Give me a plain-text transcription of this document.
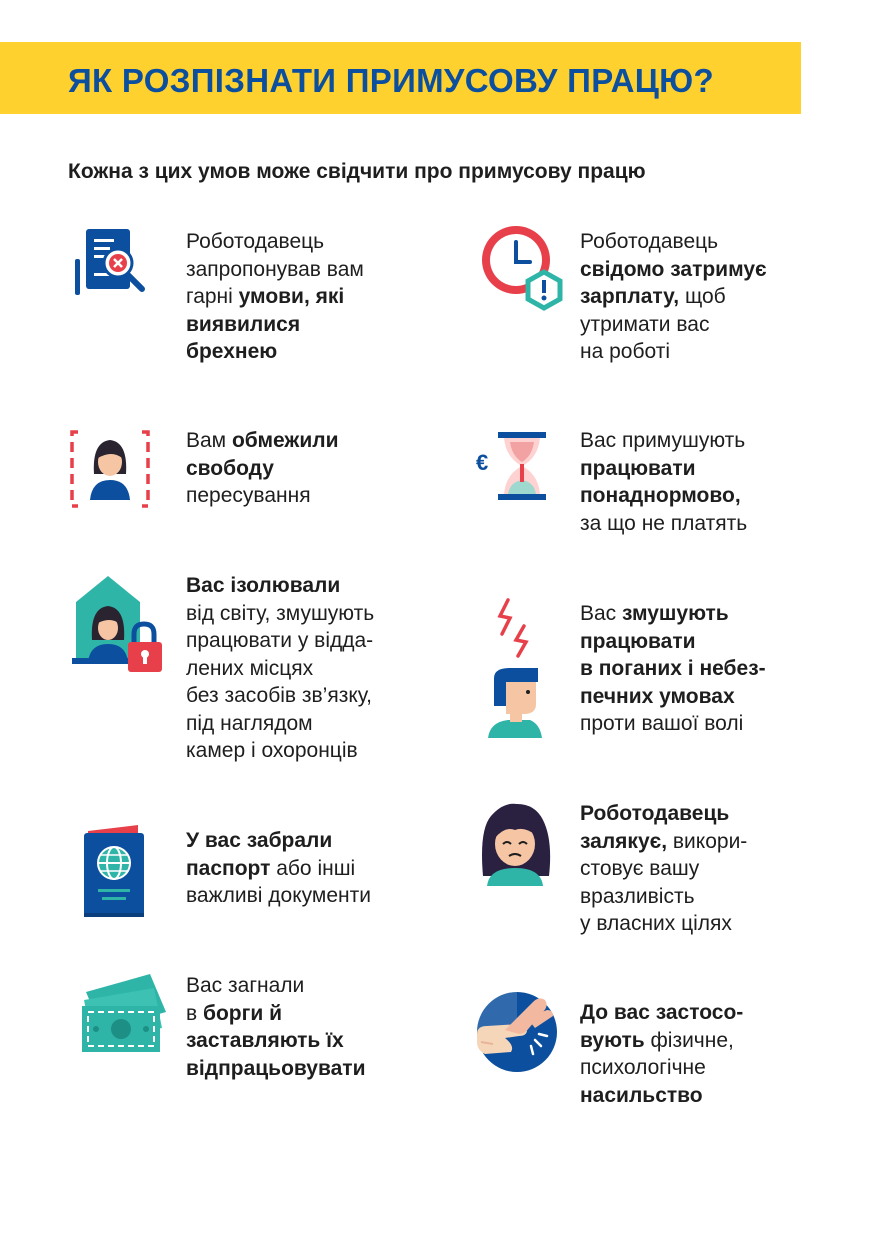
ЯК РОЗПІЗНАТИ ПРИМУСОВУ ПРАЦЮ?

Кожна з цих умов може свідчити про примусову працю

Роботодавець
запропонував вам
гарні умови, які
виявилися
брехнею
Роботодавець
свідомо затримує
зарплату, щоб
утримати вас
на роботі
Вам обмежили
свободу
пересування
€
Вас примушують
працювати
понаднормово,
за що не платять
Вас ізолювали
від світу, змушують
працювати у відда-
лених місцях
без засобів зв’язку,
під наглядом
камер і охоронців
Вас змушують
працювати
в поганих і небез-
печних умовах
проти вашої волі
У вас забрали
паспорт або інші
важливі документи
Роботодавець
залякує, викори-
стовує вашу
вразливість
у власних цілях
Вас загнали
в борги й
заставляють їх
відпрацьовувати
До вас застосо-
вують фізичне,
психологічне
насильство
